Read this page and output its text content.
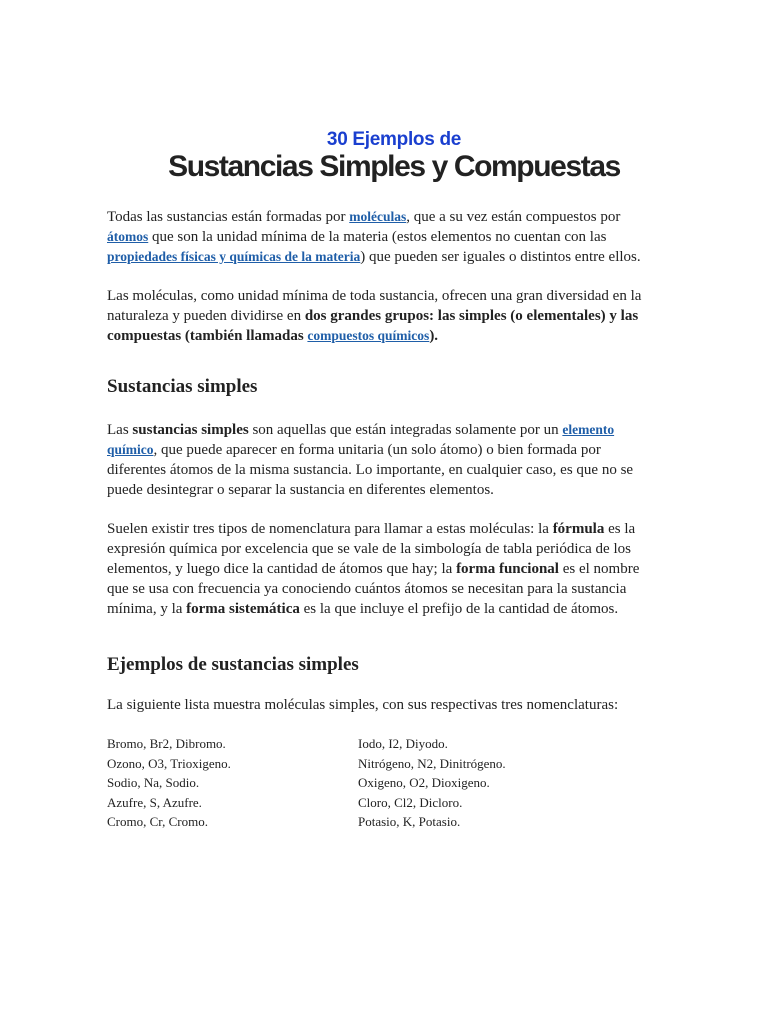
30 Ejemplos de
Sustancias Simples y Compuestas

Todas las sustancias están formadas por moléculas, que a su vez están compuestos por átomos que son la unidad mínima de la materia (estos elementos no cuentan con las propiedades físicas y químicas de la materia) que pueden ser iguales o distintos entre ellos.

Las moléculas, como unidad mínima de toda sustancia, ofrecen una gran diversidad en la naturaleza y pueden dividirse en dos grandes grupos: las simples (o elementales) y las compuestas (también llamadas compuestos químicos).

Sustancias simples

Las sustancias simples son aquellas que están integradas solamente por un elemento químico, que puede aparecer en forma unitaria (un solo átomo) o bien formada por diferentes átomos de la misma sustancia. Lo importante, en cualquier caso, es que no se puede desintegrar o separar la sustancia en diferentes elementos.

Suelen existir tres tipos de nomenclatura para llamar a estas moléculas: la fórmula es la expresión química por excelencia que se vale de la simbología de tabla periódica de los elementos, y luego dice la cantidad de átomos que hay; la forma funcional es el nombre que se usa con frecuencia ya conociendo cuántos átomos se necesitan para la sustancia mínima, y la forma sistemática es la que incluye el prefijo de la cantidad de átomos.

Ejemplos de sustancias simples

La siguiente lista muestra moléculas simples, con sus respectivas tres nomenclaturas:

Bromo, Br2, Dibromo.
Ozono, O3, Trioxigeno.
Sodio, Na, Sodio.
Azufre, S, Azufre.
Cromo, Cr, Cromo.
Iodo, I2, Diyodo.
Nitrógeno, N2, Dinitrógeno.
Oxigeno, O2, Dioxigeno.
Cloro, Cl2, Dicloro.
Potasio, K, Potasio.
